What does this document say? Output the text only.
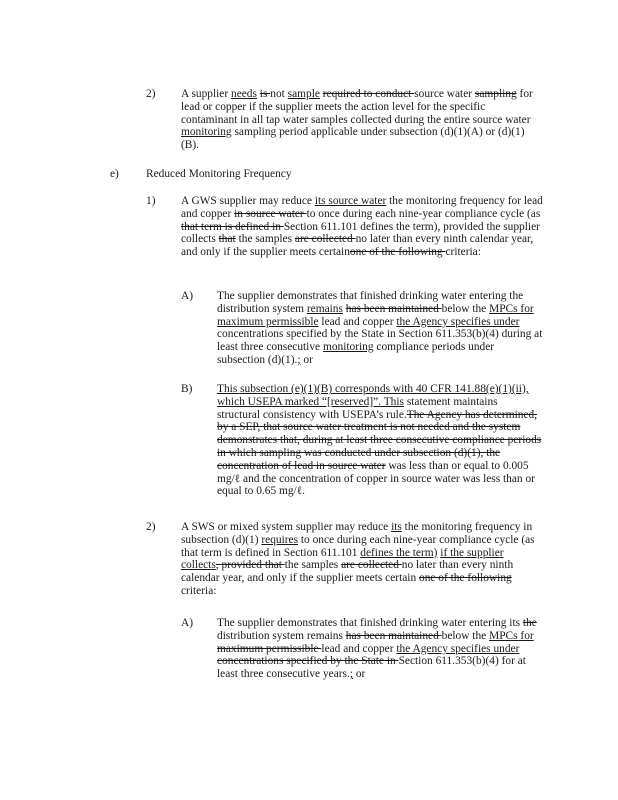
2) A supplier needs is not sample required to conduct source water sampling for lead or copper if the supplier meets the action level for the specific contaminant in all tap water samples collected during the entire source water monitoring sampling period applicable under subsection (d)(1)(A) or (d)(1)(B).
e) Reduced Monitoring Frequency
1) A GWS supplier may reduce its source water the monitoring frequency for lead and copper in source water to once during each nine-year compliance cycle (as that term is defined in Section 611.101 defines the term), provided the supplier collects that the samples are collected no later than every ninth calendar year, and only if the supplier meets certainone of the following criteria:
A) The supplier demonstrates that finished drinking water entering the distribution system remains has been maintained below the MPCs for maximum permissible lead and copper the Agency specifies under concentrations specified by the State in Section 611.353(b)(4) during at least three consecutive monitoring compliance periods under subsection (d)(1).; or
B) This subsection (e)(1)(B) corresponds with 40 CFR 141.88(e)(1)(ii), which USEPA marked “[reserved]”. This statement maintains structural consistency with USEPA’s rule.The Agency has determined, by a SEP, that source water treatment is not needed and the system demonstrates that, during at least three consecutive compliance periods in which sampling was conducted under subsection (d)(1), the concentration of lead in source water was less than or equal to 0.005 mg/ℓ and the concentration of copper in source water was less than or equal to 0.65 mg/ℓ.
2) A SWS or mixed system supplier may reduce its the monitoring frequency in subsection (d)(1) requires to once during each nine-year compliance cycle (as that term is defined in Section 611.101 defines the term) if the supplier collects, provided that the samples are collected no later than every ninth calendar year, and only if the supplier meets certain one of the following criteria:
A) The supplier demonstrates that finished drinking water entering its the distribution system remains has been maintained below the MPCs for maximum permissible lead and copper the Agency specifies under concentrations specified by the State in Section 611.353(b)(4) for at least three consecutive years.; or
